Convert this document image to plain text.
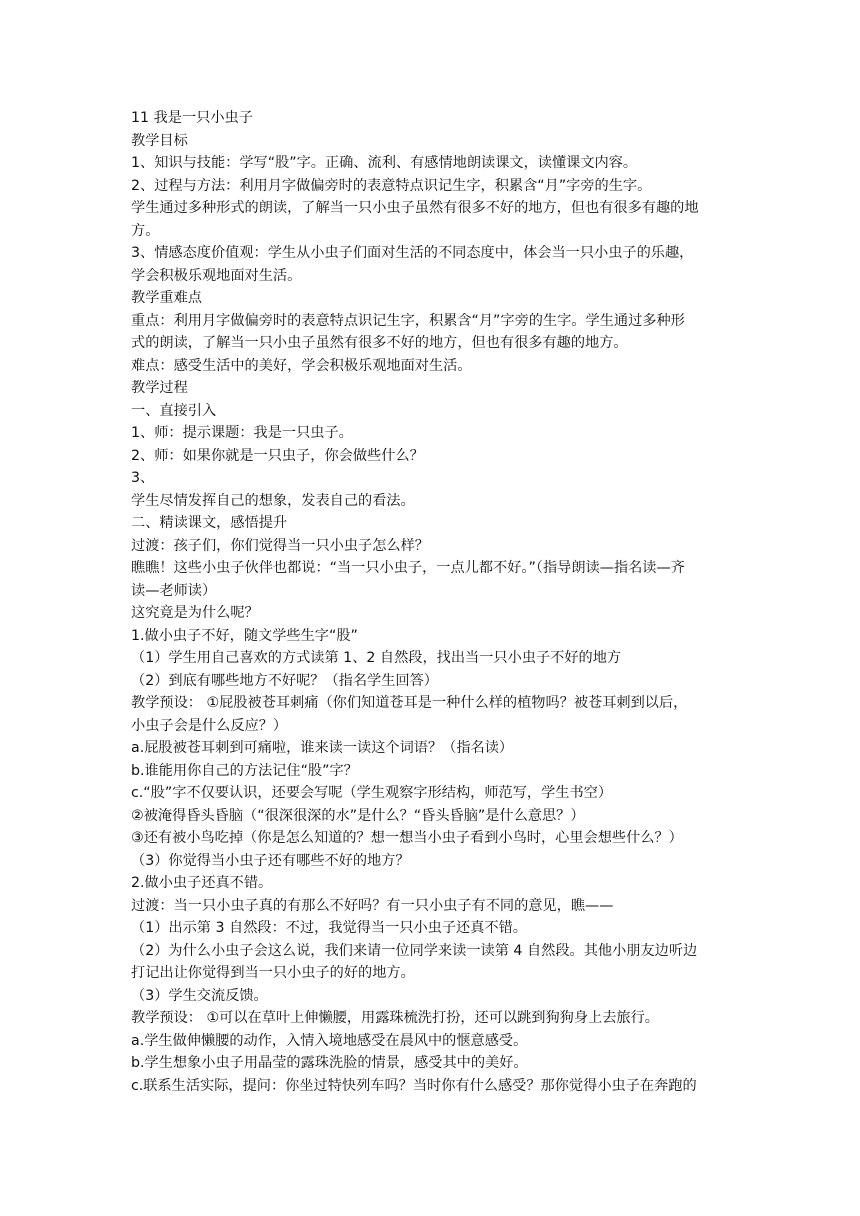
11 我是一只小虫子
教学目标
1、知识与技能：学写“股”字。正确、流利、有感情地朗读课文，读懂课文内容。
2、过程与方法：利用月字做偏旁时的表意特点识记生字，积累含“月”字旁的生字。
学生通过多种形式的朗读，了解当一只小虫子虽然有很多不好的地方，但也有很多有趣的地
方。
3、情感态度价值观：学生从小虫子们面对生活的不同态度中，体会当一只小虫子的乐趣，
学会积极乐观地面对生活。
教学重难点
重点：利用月字做偏旁时的表意特点识记生字，积累含“月”字旁的生字。学生通过多种形
式的朗读，了解当一只小虫子虽然有很多不好的地方，但也有很多有趣的地方。
难点：感受生活中的美好，学会积极乐观地面对生活。
教学过程
一、直接引入
1、师：提示课题：我是一只虫子。
2、师：如果你就是一只虫子，你会做些什么？
3、
学生尽情发挥自己的想象，发表自己的看法。
二、精读课文，感悟提升
过渡：孩子们，你们觉得当一只小虫子怎么样？
瞧瞧！这些小虫子伙伴也都说：“当一只小虫子，一点儿都不好。”（指导朗读—指名读—齐
读—老师读）
这究竟是为什么呢？
1.做小虫子不好，随文学些生字“股”
（1）学生用自己喜欢的方式读第 1、2 自然段，找出当一只小虫子不好的地方
（2）到底有哪些地方不好呢？（指名学生回答）
教学预设： ①屁股被苍耳刺痛（你们知道苍耳是一种什么样的植物吗？被苍耳刺到以后，
小虫子会是什么反应？）
a.屁股被苍耳刺到可痛啦，谁来读一读这个词语？（指名读）
b.谁能用你自己的方法记住“股”字？
c.“股”字不仅要认识，还要会写呢（学生观察字形结构，师范写，学生书空）
②被淹得昏头昏脑（“很深很深的水”是什么？“昏头昏脑”是什么意思？）
③还有被小鸟吃掉（你是怎么知道的？想一想当小虫子看到小鸟时，心里会想些什么？）
（3）你觉得当小虫子还有哪些不好的地方？
2.做小虫子还真不错。
过渡：当一只小虫子真的有那么不好吗？有一只小虫子有不同的意见，瞧——
（1）出示第 3 自然段：不过，我觉得当一只小虫子还真不错。
（2）为什么小虫子会这么说，我们来请一位同学来读一读第 4 自然段。其他小朋友边听边
打记出让你觉得到当一只小虫子的好的地方。
（3）学生交流反馈。
教学预设： ①可以在草叶上伸懒腰，用露珠梳洗打扮，还可以跳到狗狗身上去旅行。
a.学生做伸懒腰的动作，入情入境地感受在晨风中的惬意感受。
b.学生想象小虫子用晶莹的露珠洗脸的情景，感受其中的美好。
c.联系生活实际，提问：你坐过特快列车吗？当时你有什么感受？那你觉得小虫子在奔跑的
